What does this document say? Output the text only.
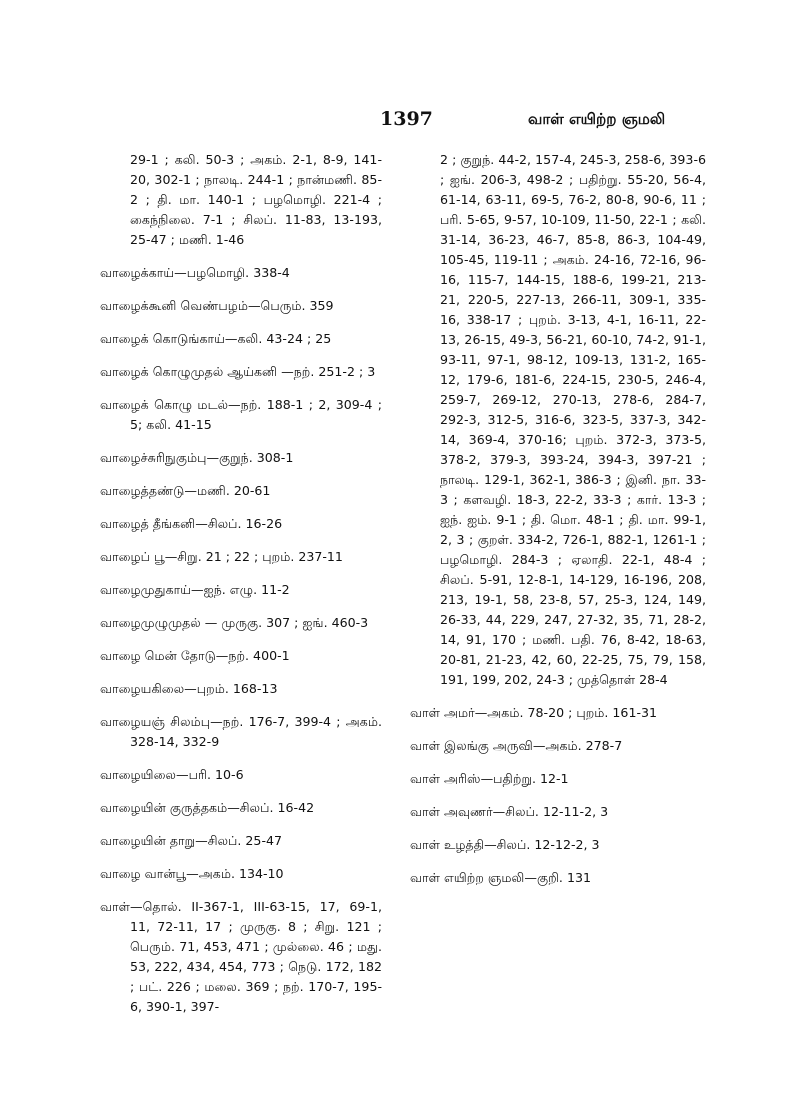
1397	வாள் எயிற்ற ஞமலி
29-1 ; கலி. 50-3 ; அகம். 2-1, 8-9, 141-20, 302-1 ; நாலடி. 244-1 ; நான்மணி. 85-2 ; தி. மா. 140-1 ; பழமொழி. 221-4 ; கைந்நிலை. 7-1 ; சிலப். 11-83, 13-193, 25-47 ; மணி. 1-46
வாழைக்காய்—பழமொழி. 338-4
வாழைக்கூனி வெண்பழம்—பெரும். 359
வாழைக் கொடுங்காய்—கலி. 43-24 ; 25
வாழைக் கொழுமுதல் ஆய்கனி —நற். 251-2 ; 3
வாழைக் கொழு மடல்—நற். 188-1 ; 2, 309-4 ; 5; கலி. 41-15
வாழைச்சுரிநுகும்பு—குறுந். 308-1
வாழைத்தண்டு—மணி. 20-61
வாழைத் தீங்கனி—சிலப். 16-26
வாழைப் பூ—சிறு. 21 ; 22 ; புறம். 237-11
வாழைமுதுகாய்—ஐந். எழு. 11-2
வாழைமுழுமுதல் — முருகு. 307 ; ஐங். 460-3
வாழை மென் தோடு—நற். 400-1
வாழையகிலை—புறம். 168-13
வாழையஞ் சிலம்பு—நற். 176-7, 399-4 ; அகம். 328-14, 332-9
வாழையிலை—பரி. 10-6
வாழையின் குருத்தகம்—சிலப். 16-42
வாழையின் தாறு—சிலப். 25-47
வாழை வான்பூ—அகம். 134-10
வாள்—தொல். II-367-1, III-63-15, 17, 69-1, 11, 72-11, 17 ; முருகு. 8 ; சிறு. 121 ; பெரும். 71, 453, 471 ; முல்லை. 46 ; மது. 53, 222, 434, 454, 773 ; நெடு. 172, 182 ; பட். 226 ; மலை. 369 ; நற். 170-7, 195-6, 390-1, 397-
2 ; குறுந். 44-2, 157-4, 245-3, 258-6, 393-6 ; ஐங். 206-3, 498-2 ; பதிற்று. 55-20, 56-4, 61-14, 63-11, 69-5, 76-2, 80-8, 90-6, 11 ; பரி. 5-65, 9-57, 10-109, 11-50, 22-1 ; கலி. 31-14, 36-23, 46-7, 85-8, 86-3, 104-49, 105-45, 119-11 ; அகம். 24-16, 72-16, 96-16, 115-7, 144-15, 188-6, 199-21, 213-21, 220-5, 227-13, 266-11, 309-1, 335-16, 338-17 ; புறம். 3-13, 4-1, 16-11, 22-13, 26-15, 49-3, 56-21, 60-10, 74-2, 91-1, 93-11, 97-1, 98-12, 109-13, 131-2, 165-12, 179-6, 181-6, 224-15, 230-5, 246-4, 259-7, 269-12, 270-13, 278-6, 284-7, 292-3, 312-5, 316-6, 323-5, 337-3, 342-14, 369-4, 370-16; புறம். 372-3, 373-5, 378-2, 379-3, 393-24, 394-3, 397-21 ; நாலடி. 129-1, 362-1, 386-3 ; இனி. நா. 33-3 ; களவழி. 18-3, 22-2, 33-3 ; கார். 13-3 ; ஐந். ஐம். 9-1 ; தி. மொ. 48-1 ; தி. மா. 99-1, 2, 3 ; குறள். 334-2, 726-1, 882-1, 1261-1 ; பழமொழி. 284-3 ; ஏலாதி. 22-1, 48-4 ; சிலப். 5-91, 12-8-1, 14-129, 16-196, 208, 213, 19-1, 58, 23-8, 57, 25-3, 124, 149, 26-33, 44, 229, 247, 27-32, 35, 71, 28-2, 14, 91, 170 ; மணி. பதி. 76, 8-42, 18-63, 20-81, 21-23, 42, 60, 22-25, 75, 79, 158, 191, 199, 202, 24-3 ; முத்தொள் 28-4
வாள் அமர்—அகம். 78-20 ; புறம். 161-31
வாள் இலங்கு அருவி—அகம். 278-7
வாள் அரிஸ்—பதிற்று. 12-1
வாள் அவுணர்—சிலப். 12-11-2, 3
வாள் உழத்தி—சிலப். 12-12-2, 3
வாள் எயிற்ற ஞமலி—குறி. 131
